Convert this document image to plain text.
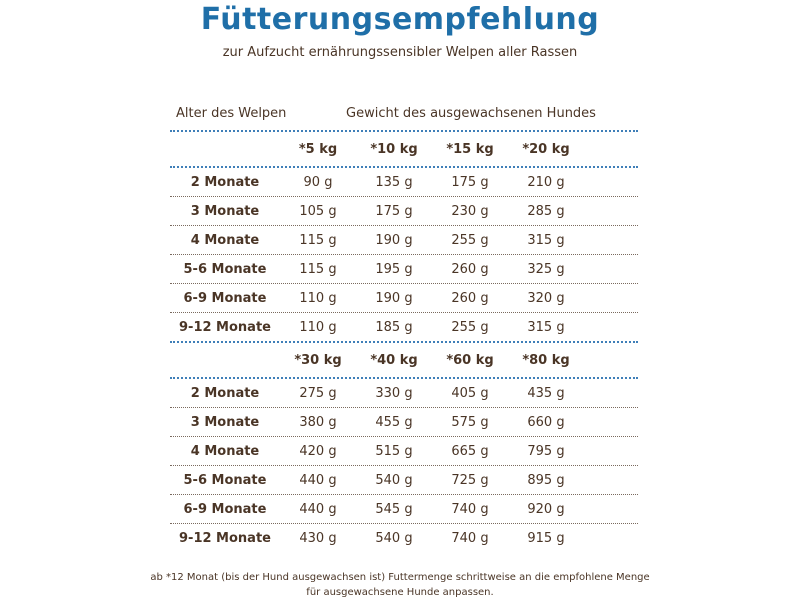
Fütterungsempfehlung
zur Aufzucht ernährungssensibler Welpen aller Rassen
Alter des Welpen	Gewicht des ausgewachsenen Hundes
*5 kg	*10 kg	*15 kg	*20 kg
2 Monate	90 g	135 g	175 g	210 g
3 Monate	105 g	175 g	230 g	285 g
4 Monate	115 g	190 g	255 g	315 g
5-6 Monate	115 g	195 g	260 g	325 g
6-9 Monate	110 g	190 g	260 g	320 g
9-12 Monate	110 g	185 g	255 g	315 g
*30 kg	*40 kg	*60 kg	*80 kg
2 Monate	275 g	330 g	405 g	435 g
3 Monate	380 g	455 g	575 g	660 g
4 Monate	420 g	515 g	665 g	795 g
5-6 Monate	440 g	540 g	725 g	895 g
6-9 Monate	440 g	545 g	740 g	920 g
9-12 Monate	430 g	540 g	740 g	915 g
ab *12 Monat (bis der Hund ausgewachsen ist) Futtermenge schrittweise an die empfohlene Menge
für ausgewachsene Hunde anpassen.
